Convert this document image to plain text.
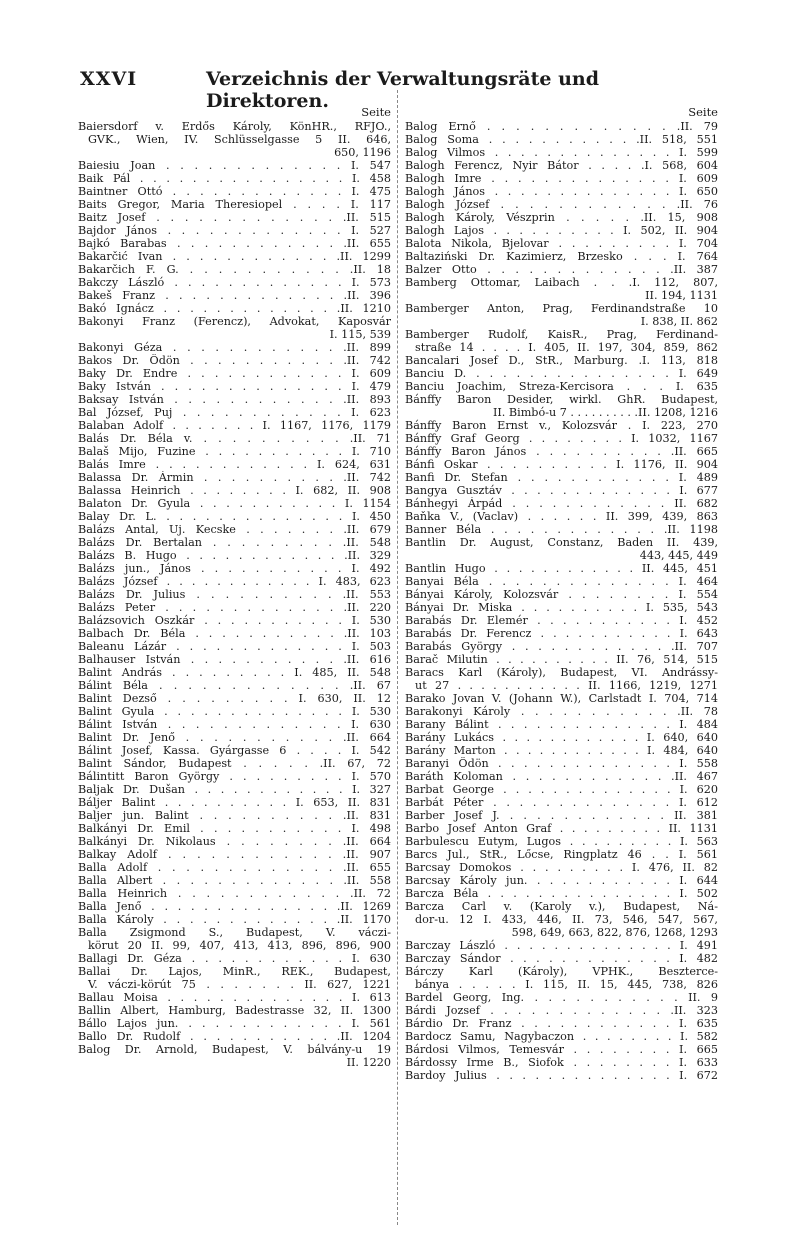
XXVI	Verzeichnis der Verwaltungsräte und Direktoren.	Seite
Baiersdorf v. Erdős Károly, KönHR., RFJO.,
GVK., Wien, IV. Schlüsselgasse 5 II. 646,
650, 1196
Baiesiu Joan . . . . . . . . . . . . . I. 547
Baik Pál . . . . . . . . . . . . . . . . I. 458
Baintner Ottó . . . . . . . . . . . . . I. 475
Baits Gregor, Maria Theresiopel . . . . I. 117
Baitz Josef . . . . . . . . . . . . . .II. 515
Bajdor János . . . . . . . . . . . . . I. 527
Bajkó Barabas . . . . . . . . . . . . .II. 655
Bakarčić Ivan . . . . . . . . . . . . .II. 1299
Bakarčich F. G. . . . . . . . . . . . .II. 18
Bakczy László . . . . . . . . . . . . . I. 573
Bakeš Franz . . . . . . . . . . . . . .II. 396
Bakó Ignácz . . . . . . . . . . . . . .II. 1210
Bakonyi Franz (Ferencz), Advokat, Kaposvár
I. 115, 539
Bakonyi Géza . . . . . . . . . . . . .II. 899
Bakos Dr. Ödön . . . . . . . . . . . .II. 742
Baky Dr. Endre . . . . . . . . . . . . I. 609
Baky István . . . . . . . . . . . . . . I. 479
Baksay István . . . . . . . . . . . . .II. 893
Bal József, Puj . . . . . . . . . . . . I. 623
Balaban Adolf . . . . . . . I. 1167, 1176, 1179
Balás Dr. Béla v. . . . . . . . . . . .II. 71
Balaš Mijo, Fuzine . . . . . . . . . . . I. 710
Balás Imre . . . . . . . . . . . . I. 624, 631
Balassa Dr. Ármin . . . . . . . . . . .II. 742
Balassa Heinrich . . . . . . . . I. 682, II. 908
Balaton Dr. Gyula . . . . . . . . . . . I. 1154
Balay Dr. L. . . . . . . . . . . . . . . I. 450
Balázs Antal, Uj. Kecske . . . . . . . .II. 679
Balázs Dr. Bertalan . . . . . . . . . .II. 548
Balázs B. Hugo . . . . . . . . . . . . .II. 329
Balázs jun., János . . . . . . . . . . . I. 492
Balázs József . . . . . . . . . . . . I. 483, 623
Balázs Dr. Julius . . . . . . . . . . .II. 553
Balázs Peter . . . . . . . . . . . . . .II. 220
Balázsovich Oszkár . . . . . . . . . . . I. 530
Balbach Dr. Béla . . . . . . . . . . . .II. 103
Baleanu Lázár . . . . . . . . . . . . . I. 503
Balhauser István . . . . . . . . . . . .II. 616
Balint András . . . . . . . . . I. 485, II. 548
Bálint Béla . . . . . . . . . . . . . .II. 67
Balint Dezső . . . . . . . . . I. 630, II. 12
Balint Gyula . . . . . . . . . . . . . . I. 530
Bálint István . . . . . . . . . . . . . I. 630
Balint Dr. Jenő . . . . . . . . . . . .II. 664
Bálint Josef, Kassa. Gyárgasse 6 . . . . I. 542
Balint Sándor, Budapest . . . . . .II. 67, 72
Bálintitt Baron György . . . . . . . . . I. 570
Baljak Dr. Dušan . . . . . . . . . . . . I. 327
Báljer Balint . . . . . . . . . . I. 653, II. 831
Baljer jun. Balint . . . . . . . . . . .II. 831
Balkányi Dr. Emil . . . . . . . . . . . I. 498
Balkányi Dr. Nikolaus . . . . . . . . .II. 664
Balkay Adolf . . . . . . . . . . . . .II. 907
Balla Adolf . . . . . . . . . . . . . .II. 655
Balla Albert . . . . . . . . . . . . . .II. 558
Balla Heinrich . . . . . . . . . . . . .II. 72
Balla Jenő . . . . . . . . . . . . . . .II. 1269
Balla Károly . . . . . . . . . . . . . .II. 1170
Balla Zsigmond S., Budapest, V. váczi-
körut 20 II. 99, 407, 413, 413, 896, 896, 900
Ballagi Dr. Géza . . . . . . . . . . . . I. 630
Ballai Dr. Lajos, MinR., REK., Budapest,
V. váczi-körút 75 . . . . . . . II. 627, 1221
Ballau Moisa . . . . . . . . . . . . . . I. 613
Ballin Albert, Hamburg, Badestrasse 32, II. 1300
Bállo Lajos jun. . . . . . . . . . . . . I. 561
Ballo Dr. Rudolf . . . . . . . . . . . .II. 1204
Balog Dr. Arnold, Budapest, V. bálvány-u 19
II. 1220
Seite
Balog Ernő . . . . . . . . . . . . . .II. 79
Balog Soma . . . . . . . . . . . .II. 518, 551
Balog Vilmos . . . . . . . . . . . . . . I. 599
Balogh Ferencz, Nyir Bátor . . . . .I. 568, 604
Balogh Imre . . . . . . . . . . . . . . I. 609
Balogh János . . . . . . . . . . . . . . I. 650
Balogh József . . . . . . . . . . . . .II. 76
Balogh Károly, Vészprin . . . . . .II. 15, 908
Balogh Lajos . . . . . . . . . . I. 502, II. 904
Balota Nikola, Bjelovar . . . . . . . . . I. 704
Baltaziński Dr. Kazimierz, Brzesko . . . I. 764
Balzer Otto . . . . . . . . . . . . . .II. 387
Bamberg Ottomar, Laibach . . .I. 112, 807,
II. 194, 1131
Bamberger Anton, Prag, Ferdinandstraße 10
I. 838, II. 862
Bamberger Rudolf, KaisR., Prag, Ferdinand-
straße 14 . . . . I. 405, II. 197, 304, 859, 862
Bancalari Josef D., StR., Marburg. .I. 113, 818
Banciu D. . . . . . . . . . . . . . . . I. 649
Banciu Joachim, Streza-Kercisora . . . I. 635
Bánffy Baron Desider, wirkl. GhR. Budapest,
II. Bimbó-u 7 . . . . . . . . . .II. 1208, 1216
Bánffy Baron Ernst v., Kolozsvár . I. 223, 270
Bánffy Graf Georg . . . . . . . . I. 1032, 1167
Bánffy Baron János . . . . . . . . . . .II. 665
Bánfi Oskar . . . . . . . . . . I. 1176, II. 904
Banfi Dr. Stefan . . . . . . . . . . . . I. 489
Bangya Gusztáv . . . . . . . . . . . . . I. 677
Bánhegyi Árpád . . . . . . . . . . . . II. 682
Baňka V., (Vaclav) . . . . . . II. 399, 439, 863
Banner Béla . . . . . . . . . . . . . .II. 1198
Bantlin Dr. August, Constanz, Baden II. 439,
443, 445, 449
Bantlin Hugo . . . . . . . . . . . . II. 445, 451
Banyai Béla . . . . . . . . . . . . . . I. 464
Bányai Károly, Kolozsvár . . . . . . . . I. 554
Bányai Dr. Miska . . . . . . . . . . I. 535, 543
Barabás Dr. Elemér . . . . . . . . . . . I. 452
Barabás Dr. Ferencz . . . . . . . . . . . I. 643
Barabás György . . . . . . . . . . . . .II. 707
Barač Milutin . . . . . . . . . . II. 76, 514, 515
Baracs Karl (Károly), Budapest, VI. Andrássy-
ut 27 . . . . . . . . . . . II. 1166, 1219, 1271
Barako Jovan V. (Johann W.), Carlstadt I. 704, 714
Barakonyi Károly . . . . . . . . . . . .II. 78
Barany Bálint . . . . . . . . . . . . . . I. 484
Barány Lukács . . . . . . . . . . . . I. 640, 640
Barány Marton . . . . . . . . . . . . I. 484, 640
Baranyi Ödön . . . . . . . . . . . . . . I. 558
Baráth Koloman . . . . . . . . . . . . .II. 467
Barbat George . . . . . . . . . . . . . . I. 620
Barbát Péter . . . . . . . . . . . . . . I. 612
Barber Josef J. . . . . . . . . . . . . II. 381
Barbo Josef Anton Graf . . . . . . . . . II. 1131
Barbulescu Eutym, Lugos . . . . . . . . . I. 563
Barcs Jul., StR., Lőcse, Ringplatz 46 . . I. 561
Barcsay Domokos . . . . . . . . . I. 476, II. 82
Barcsay Károly jun. . . . . . . . . . . . I. 644
Barcza Béla . . . . . . . . . . . . . . . I. 502
Barcza Carl v. (Karoly v.), Budapest, Ná-
dor-u. 12 I. 433, 446, II. 73, 546, 547, 567,
598, 649, 663, 822, 876, 1268, 1293
Barczay László . . . . . . . . . . . . . . I. 491
Barczay Sándor . . . . . . . . . . . . . I. 482
Bárczy Karl (Károly), VPHK., Beszterce-
bánya . . . . . I. 115, II. 15, 445, 738, 826
Bardel Georg, Ing. . . . . . . . . . . . II. 9
Bárdi Jozsef . . . . . . . . . . . . . .II. 323
Bárdio Dr. Franz . . . . . . . . . . . . I. 635
Bardocz Samu, Nagybaczon . . . . . . . . I. 582
Bárdosi Vilmos, Temesvár . . . . . . . . I. 665
Bárdossy Irme B., Siofok . . . . . . . . I. 633
Bardoy Julius . . . . . . . . . . . . . . I. 672
